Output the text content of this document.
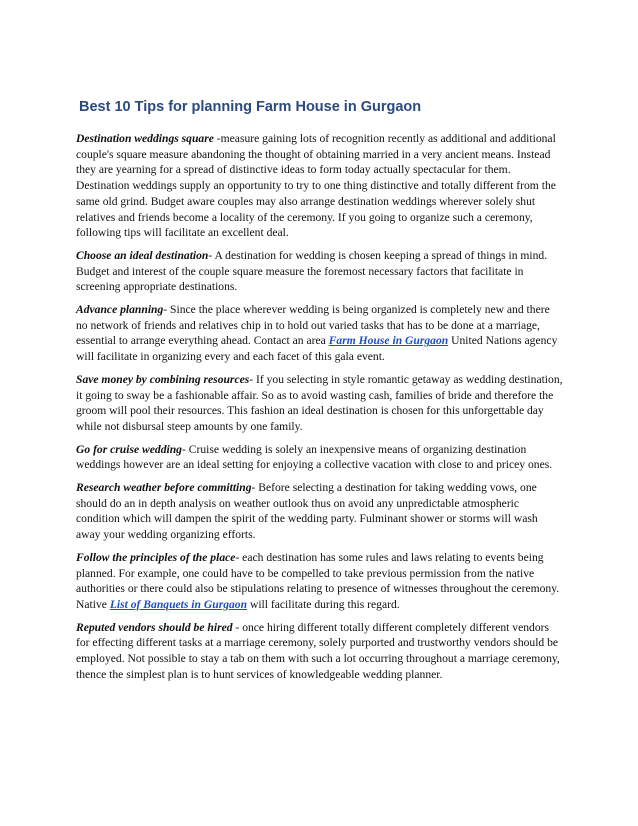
Best 10 Tips for planning Farm House in Gurgaon

Destination weddings square -measure gaining lots of recognition recently as additional and additional couple's square measure abandoning the thought of obtaining married in a very ancient means. Instead they are yearning for a spread of distinctive ideas to form today actually spectacular for them. Destination weddings supply an opportunity to try to one thing distinctive and totally different from the same old grind. Budget aware couples may also arrange destination weddings wherever solely shut relatives and friends become a locality of the ceremony. If you going to organize such a ceremony, following tips will facilitate an excellent deal.

Choose an ideal destination- A destination for wedding is chosen keeping a spread of things in mind. Budget and interest of the couple square measure the foremost necessary factors that facilitate in screening appropriate destinations.

Advance planning- Since the place wherever wedding is being organized is completely new and there no network of friends and relatives chip in to hold out varied tasks that has to be done at a marriage, essential to arrange everything ahead. Contact an area Farm House in Gurgaon United Nations agency will facilitate in organizing every and each facet of this gala event.

Save money by combining resources- If you selecting in style romantic getaway as wedding destination, it going to sway be a fashionable affair. So as to avoid wasting cash, families of bride and therefore the groom will pool their resources. This fashion an ideal destination is chosen for this unforgettable day while not disbursal steep amounts by one family.

Go for cruise wedding- Cruise wedding is solely an inexpensive means of organizing destination weddings however are an ideal setting for enjoying a collective vacation with close to and pricey ones.

Research weather before committing- Before selecting a destination for taking wedding vows, one should do an in depth analysis on weather outlook thus on avoid any unpredictable atmospheric condition which will dampen the spirit of the wedding party. Fulminant shower or storms will wash away your wedding organizing efforts.

Follow the principles of the place- each destination has some rules and laws relating to events being planned. For example, one could have to be compelled to take previous permission from the native authorities or there could also be stipulations relating to presence of witnesses throughout the ceremony. Native List of Banquets in Gurgaon will facilitate during this regard.

Reputed vendors should be hired - once hiring different totally different completely different vendors for effecting different tasks at a marriage ceremony, solely purported and trustworthy vendors should be employed. Not possible to stay a tab on them with such a lot occurring throughout a marriage ceremony, thence the simplest plan is to hunt services of knowledgeable wedding planner.
